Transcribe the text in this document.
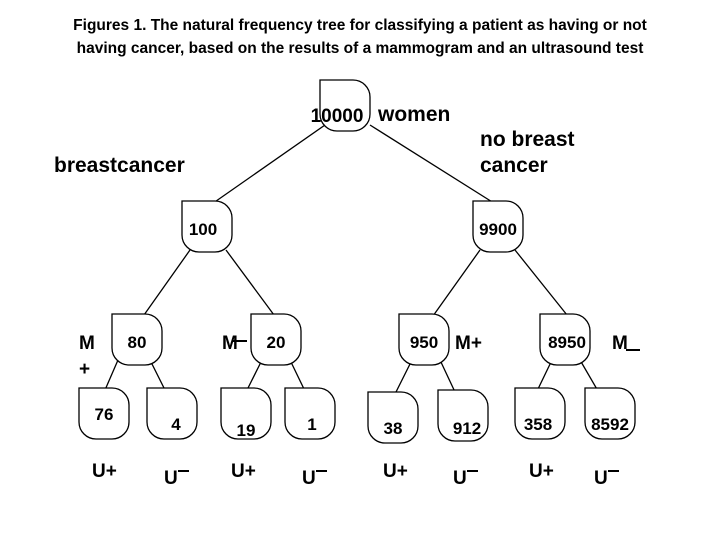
Figures 1. The natural frequency tree for classifying a patient as having or not
having cancer, based on the results of a mammogram and an ultrasound test
10000
100	9900
80	20	950	8950
76
4	19	1	38	912	358 8592
women
breastcancer
no breast
cancer
M +
M	M+	M
U+ U	U+ U	U+ U	U+ U
